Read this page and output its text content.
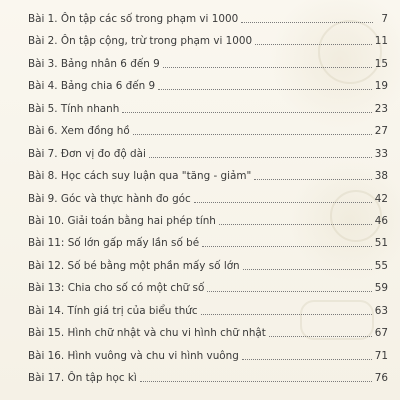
Bài 1. Ôn tập các số trong phạm vi 1000	7
Bài 2. Ôn tập cộng, trừ trong phạm vi 1000	11
Bài 3. Bảng nhân 6 đến 9	15
Bài 4. Bảng chia 6 đến 9	19
Bài 5. Tính nhanh	23
Bài 6. Xem đồng hồ	27
Bài 7. Đơn vị đo độ dài	33
Bài 8. Học cách suy luận qua "tăng - giảm"	38
Bài 9. Góc và thực hành đo góc	42
Bài 10. Giải toán bằng hai phép tính	46
Bài 11: Số lớn gấp mấy lần số bé	51
Bài 12. Số bé bằng một phần mấy số lớn	55
Bài 13: Chia cho số có một chữ số	59
Bài 14. Tính giá trị của biểu thức	63
Bài 15. Hình chữ nhật và chu vi hình chữ nhật	67
Bài 16. Hình vuông và chu vi hình vuông	71
Bài 17. Ôn tập học kì	76
